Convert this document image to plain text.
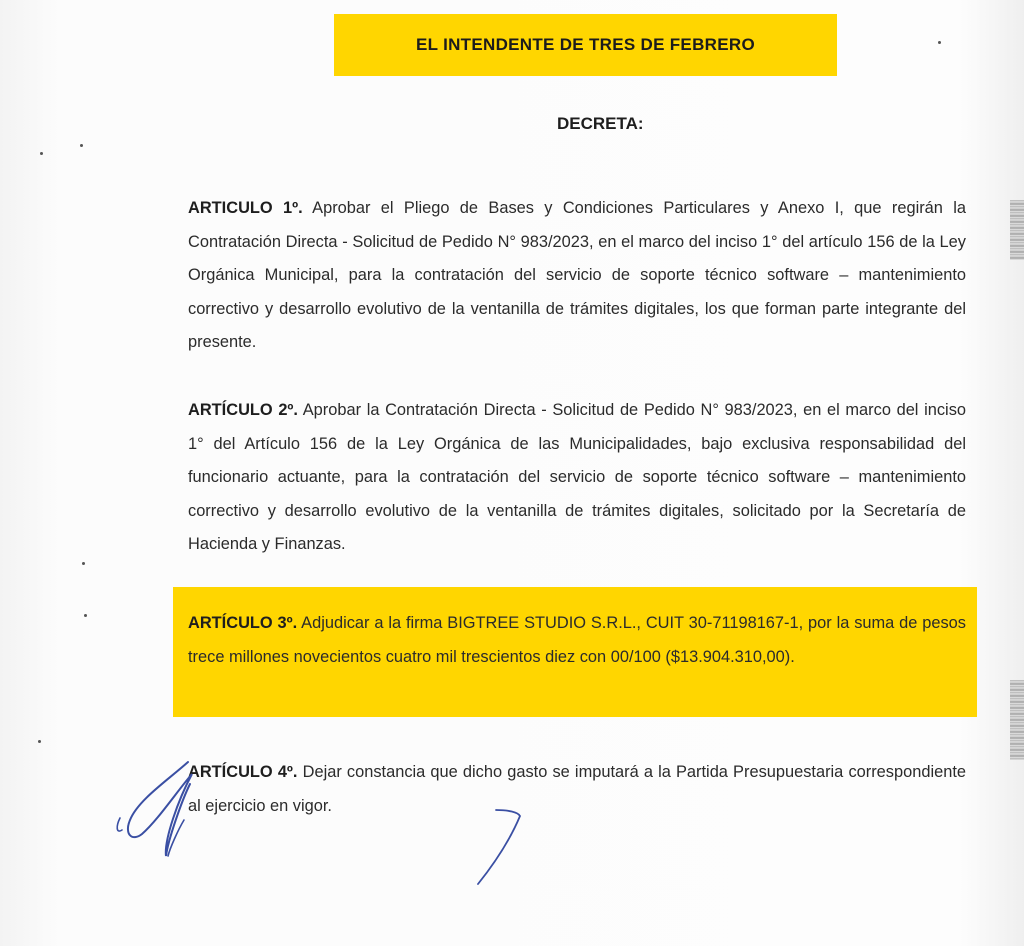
EL INTENDENTE DE TRES DE FEBRERO
DECRETA:
ARTICULO 1º. Aprobar el Pliego de Bases y Condiciones Particulares y Anexo I, que regirán la Contratación Directa - Solicitud de Pedido N° 983/2023, en el marco del inciso 1° del artículo 156 de la Ley Orgánica Municipal, para la contratación del servicio de soporte técnico software – mantenimiento correctivo y desarrollo evolutivo de la ventanilla de trámites digitales, los que forman parte integrante del presente.
ARTÍCULO 2º. Aprobar la Contratación Directa - Solicitud de Pedido N° 983/2023, en el marco del inciso 1° del Artículo 156 de la Ley Orgánica de las Municipalidades, bajo exclusiva responsabilidad del funcionario actuante, para la contratación del servicio de soporte técnico software – mantenimiento correctivo y desarrollo evolutivo de la ventanilla de trámites digitales, solicitado por la Secretaría de Hacienda y Finanzas.
ARTÍCULO 3º. Adjudicar a la firma BIGTREE STUDIO S.R.L., CUIT 30-71198167-1, por la suma de pesos trece millones novecientos cuatro mil trescientos diez con 00/100 ($13.904.310,00).
ARTÍCULO 4º. Dejar constancia que dicho gasto se imputará a la Partida Presupuestaria correspondiente al ejercicio en vigor.
